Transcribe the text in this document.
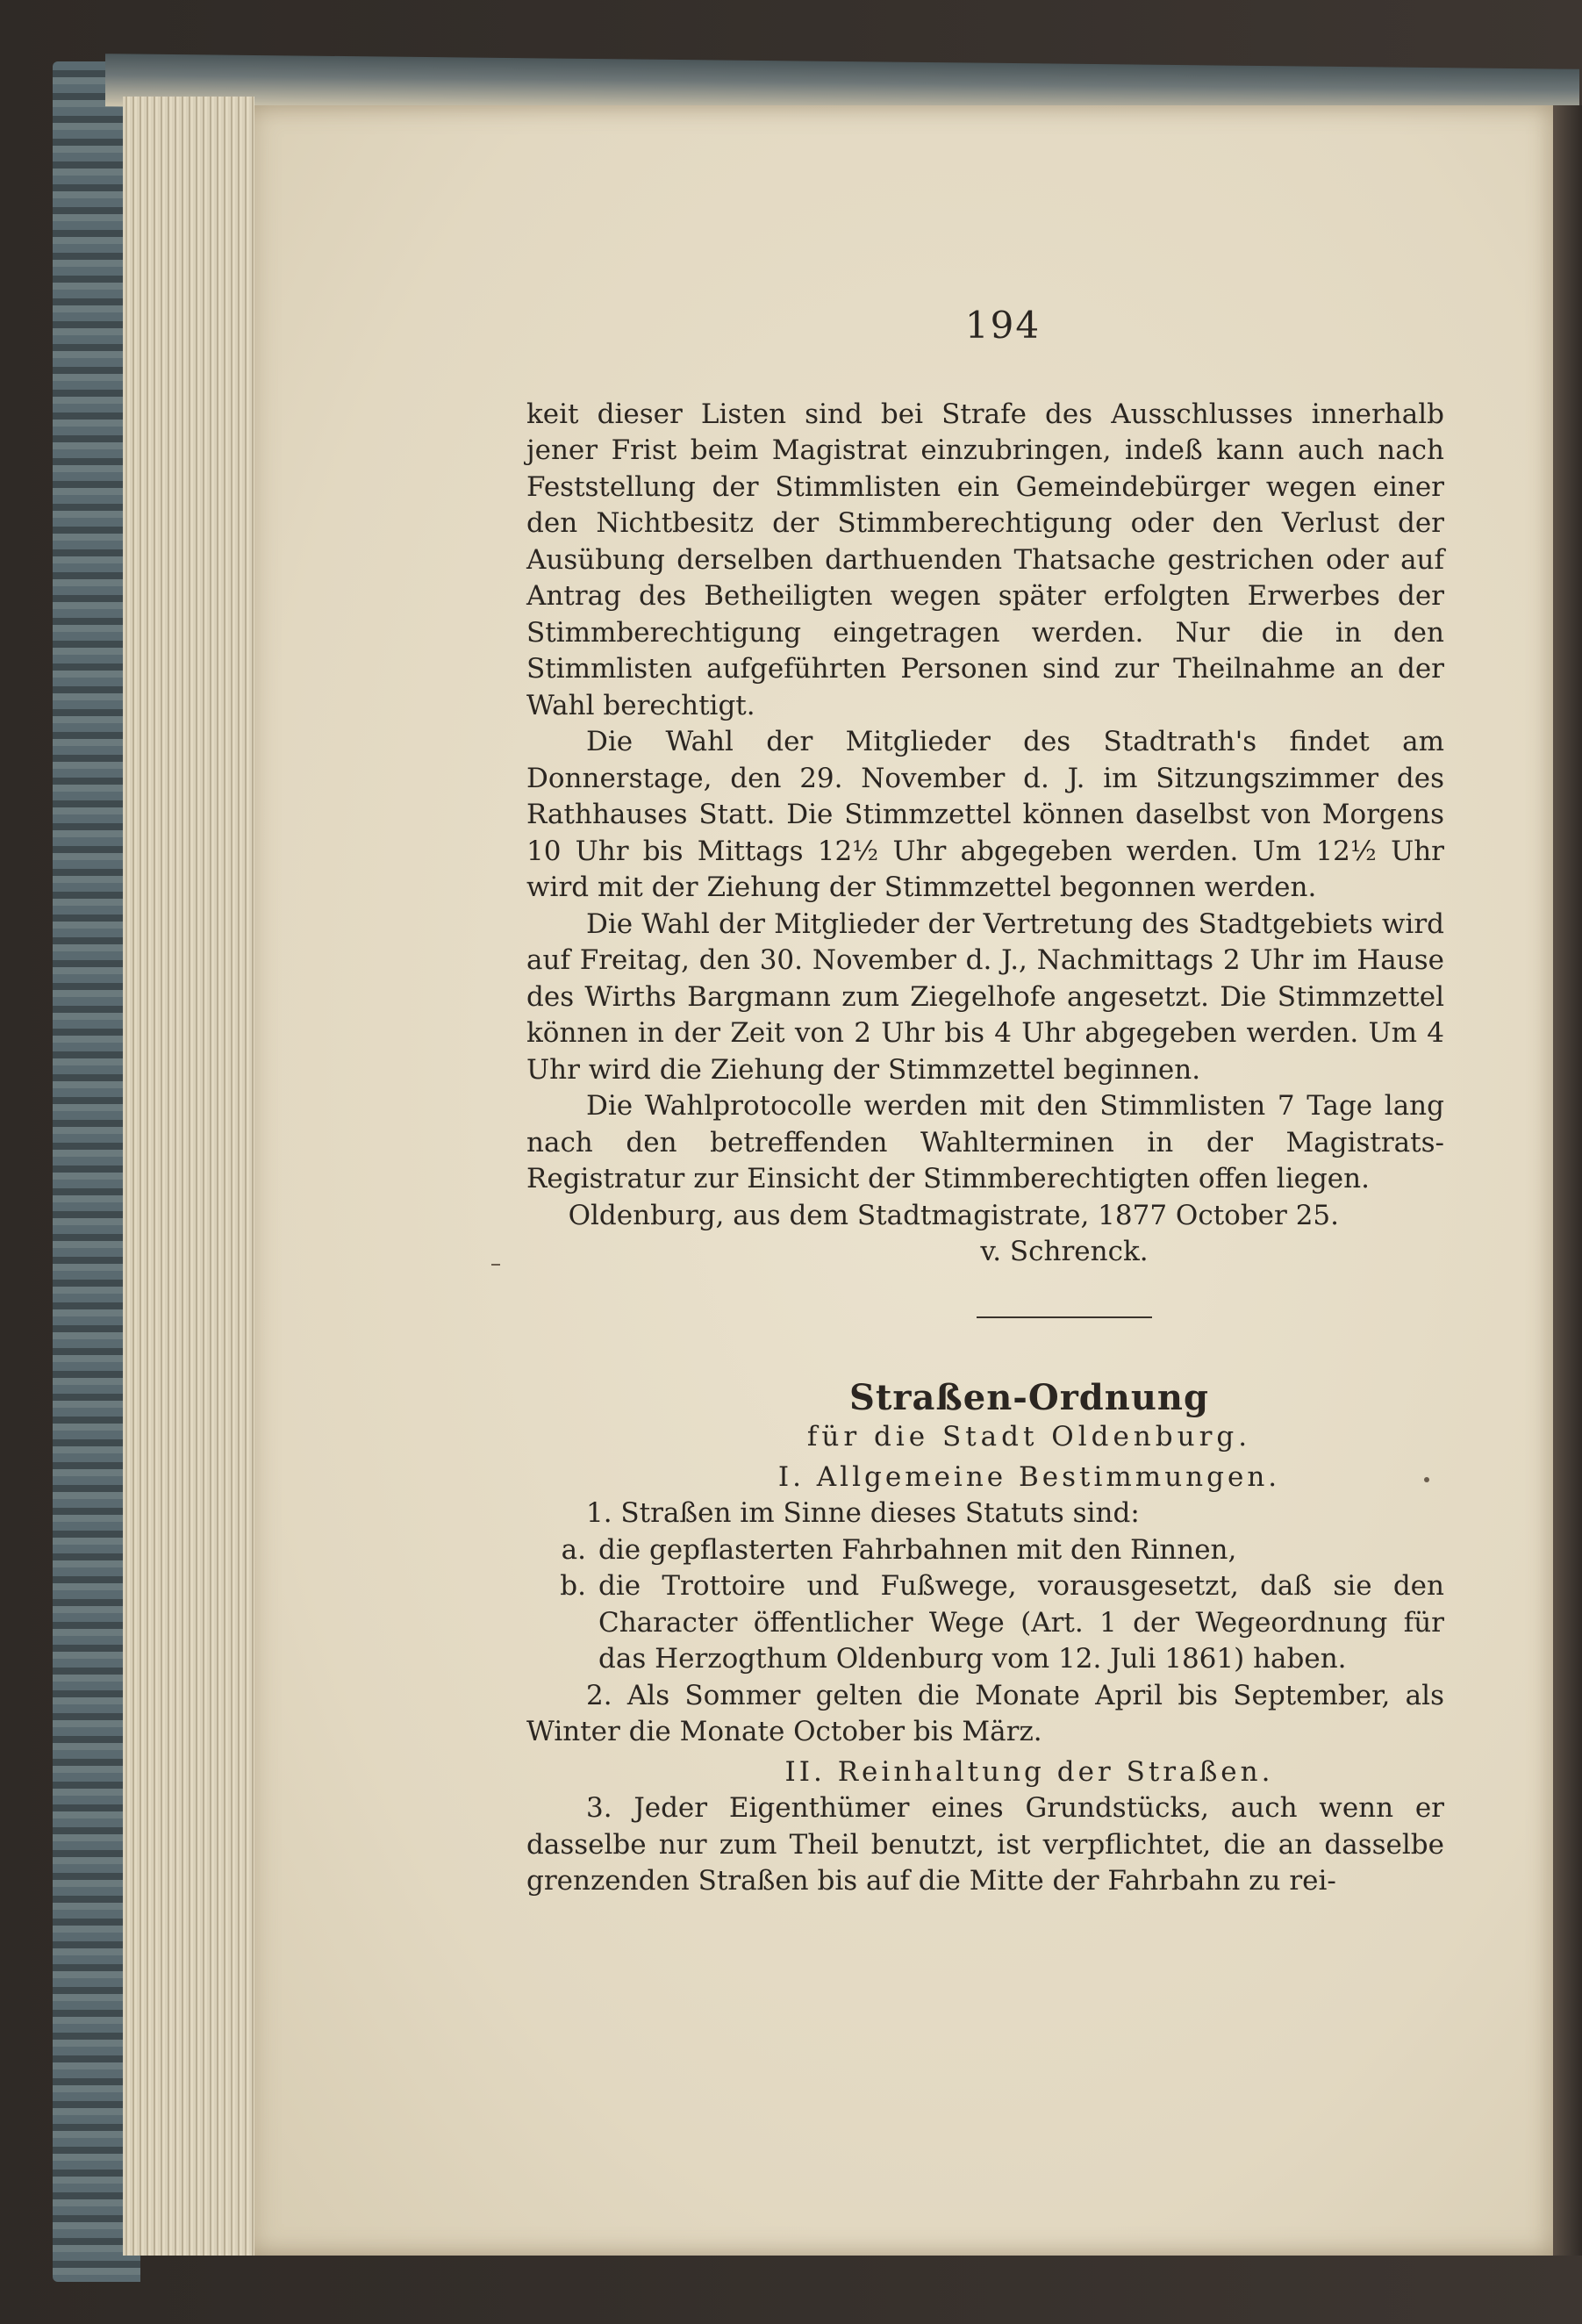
194

keit dieser Listen sind bei Strafe des Ausschlusses innerhalb jener Frist beim Magistrat einzubringen, indeß kann auch nach Feststellung der Stimmlisten ein Gemeindebürger wegen einer den Nichtbesitz der Stimmberechtigung oder den Verlust der Ausübung derselben darthuenden Thatsache gestrichen oder auf Antrag des Betheiligten wegen später erfolgten Erwerbes der Stimmberechtigung eingetragen werden. Nur die in den Stimmlisten aufgeführten Personen sind zur Theilnahme an der Wahl berechtigt.

Die Wahl der Mitglieder des Stadtrath's findet am Donnerstage, den 29. November d. J. im Sitzungszimmer des Rathhauses Statt. Die Stimmzettel können daselbst von Morgens 10 Uhr bis Mittags 12½ Uhr abgegeben werden. Um 12½ Uhr wird mit der Ziehung der Stimmzettel begonnen werden.

Die Wahl der Mitglieder der Vertretung des Stadtgebiets wird auf Freitag, den 30. November d. J., Nachmittags 2 Uhr im Hause des Wirths Bargmann zum Ziegelhofe angesetzt. Die Stimmzettel können in der Zeit von 2 Uhr bis 4 Uhr abgegeben werden. Um 4 Uhr wird die Ziehung der Stimmzettel beginnen.

Die Wahlprotocolle werden mit den Stimmlisten 7 Tage lang nach den betreffenden Wahlterminen in der Magistrats-Registratur zur Einsicht der Stimmberechtigten offen liegen.

Oldenburg, aus dem Stadtmagistrate, 1877 October 25.

v. Schrenck.

Straßen-Ordnung

für die Stadt Oldenburg.

I. Allgemeine Bestimmungen.

1. Straßen im Sinne dieses Statuts sind:

a. die gepflasterten Fahrbahnen mit den Rinnen,
b. die Trottoire und Fußwege, vorausgesetzt, daß sie den Character öffentlicher Wege (Art. 1 der Wegeordnung für das Herzogthum Oldenburg vom 12. Juli 1861) haben.

2. Als Sommer gelten die Monate April bis September, als Winter die Monate October bis März.

II. Reinhaltung der Straßen.

3. Jeder Eigenthümer eines Grundstücks, auch wenn er dasselbe nur zum Theil benutzt, ist verpflichtet, die an dasselbe grenzenden Straßen bis auf die Mitte der Fahrbahn zu rei-
